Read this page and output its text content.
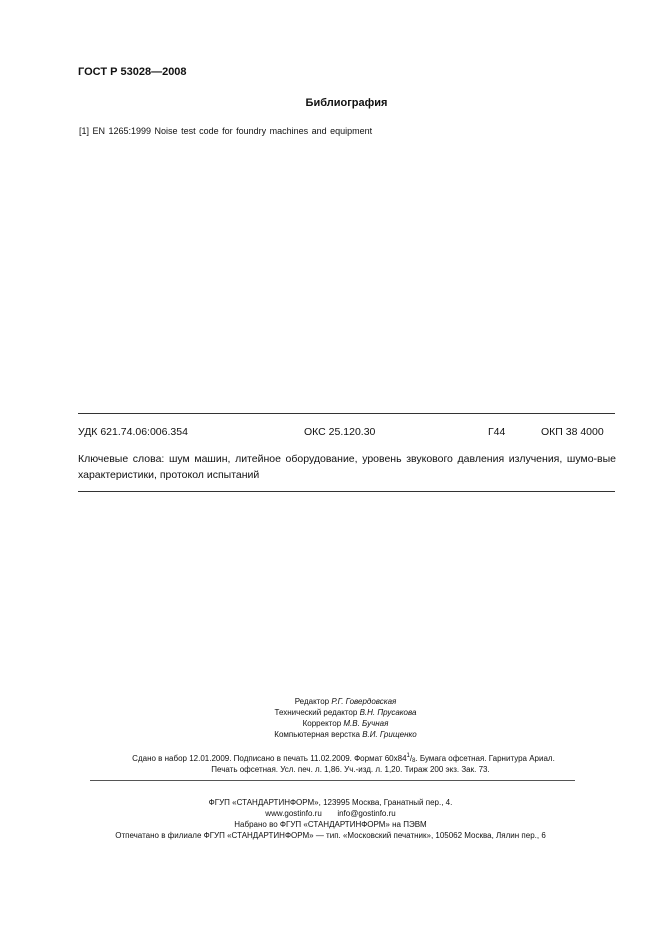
ГОСТ Р 53028—2008
Библиография
[1] EN 1265:1999 Noise test code for foundry machines and equipment
УДК 621.74.06:006.354	ОКС 25.120.30	Г44	ОКП 38 4000
Ключевые слова: шум машин, литейное оборудование, уровень звукового давления излучения, шумо-вые характеристики, протокол испытаний
Редактор Р.Г. Говердовская
Технический редактор В.Н. Прусакова
Корректор М.В. Бучная
Компьютерная верстка В.И. Грищенко
Сдано в набор 12.01.2009. Подписано в печать 11.02.2009. Формат $60x84^1/_8$. Бумага офсетная. Гарнитура Ариал.
Печать офсетная. Усл. печ. л. 1,86. Уч.-изд. л. 1,20. Тираж 200 экз. Зак. 73.
ФГУП «СТАНДАРТИНФОРМ», 123995 Москва, Гранатный пер., 4.
www.gostinfo.ru info@gostinfo.ru
Набрано во ФГУП «СТАНДАРТИНФОРМ» на ПЭВМ
Отпечатано в филиале ФГУП «СТАНДАРТИНФОРМ» — тип. «Московский печатник», 105062 Москва, Лялин пер., 6
